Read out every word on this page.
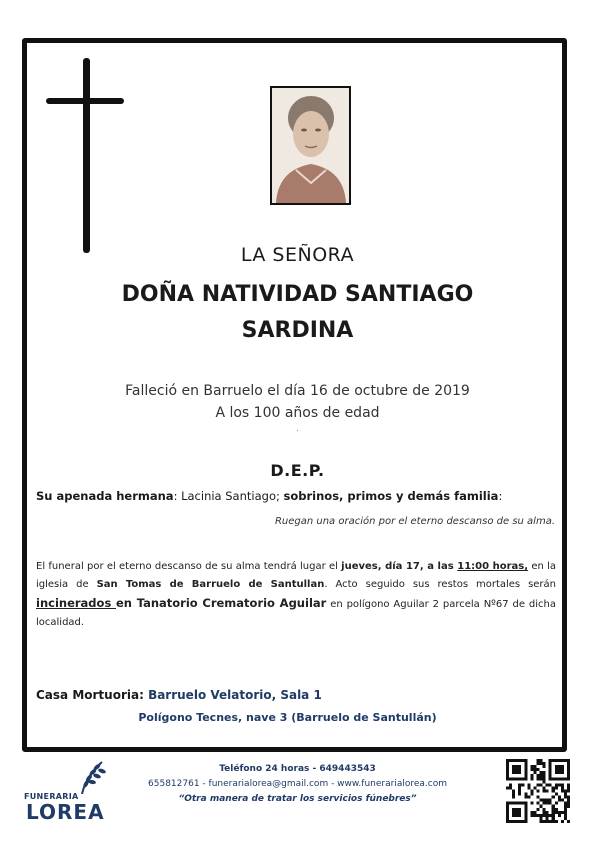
LA SEÑORA
DOÑA NATIVIDAD SANTIAGO
SARDINA
Falleció en Barruelo el día 16 de octubre de 2019
A los 100 años de edad
.
D.E.P.
Su apenada hermana: Lacinia Santiago; sobrinos, primos y demás familia:
Ruegan una oración por el eterno descanso de su alma.
El funeral por el eterno descanso de su alma tendrá lugar el jueves, día 17, a las 11:00 horas, en la iglesia de San Tomas de Barruelo de Santullan. Acto seguido sus restos mortales serán incinerados en Tanatorio Crematorio Aguilar en polígono Aguilar 2 parcela Nº67 de dicha localidad.
Casa Mortuoria: Barruelo Velatorio, Sala 1
Polígono Tecnes, nave 3 (Barruelo de Santullán)
FUNERARIA
LOREA
Teléfono 24 horas - 649443543
655812761 - funerarialorea@gmail.com - www.funerarialorea.com
“Otra manera de tratar los servicios fúnebres”
